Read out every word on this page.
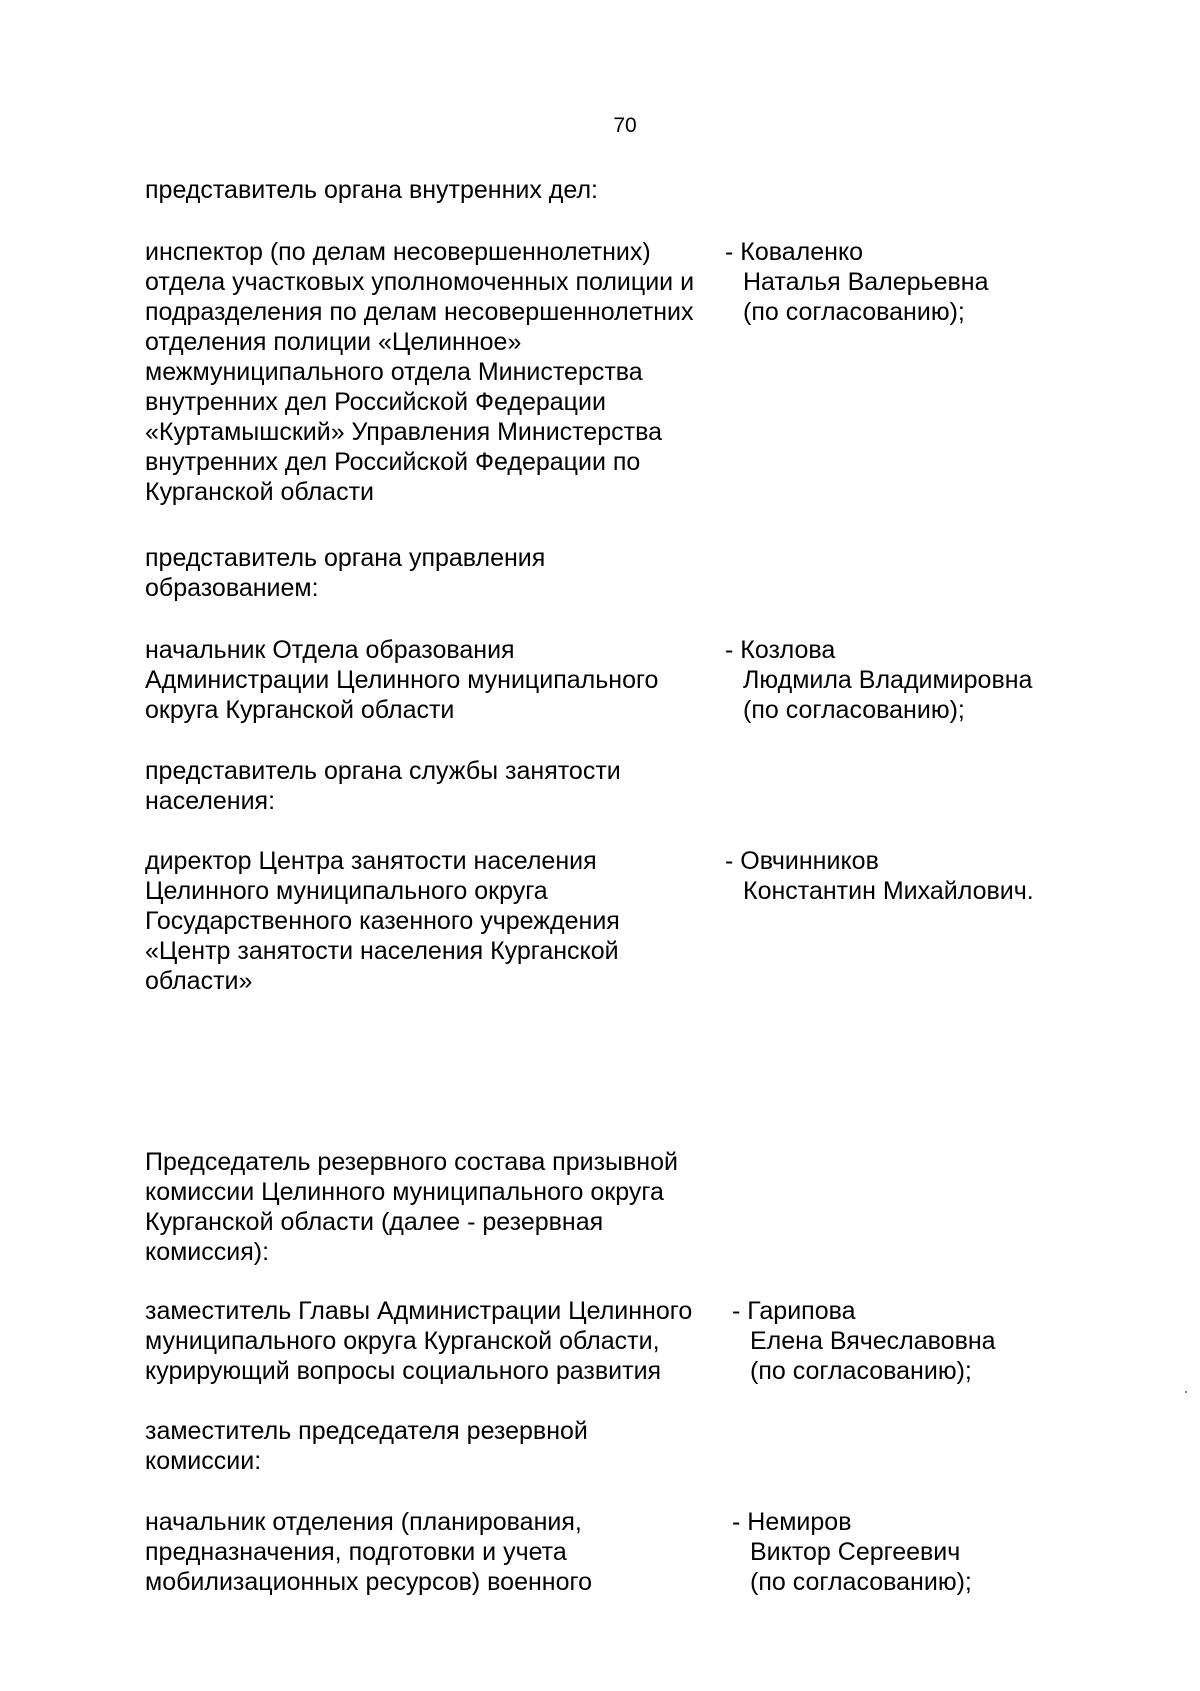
70
представитель органа внутренних дел:
инспектор (по делам несовершеннолетних)
отдела участковых уполномоченных полиции и
подразделения по делам несовершеннолетних
отделения полиции «Целинное»
межмуниципального отдела Министерства
внутренних дел Российской Федерации
«Куртамышский» Управления Министерства
внутренних дел Российской Федерации по
Курганской области
- Коваленко
Наталья Валерьевна
(по согласованию);
представитель органа управления
образованием:
начальник Отдела образования
Администрации Целинного муниципального
округа Курганской области
- Козлова
Людмила Владимировна
(по согласованию);
представитель органа службы занятости
населения:
директор Центра занятости населения
Целинного муниципального округа
Государственного казенного учреждения
«Центр занятости населения Курганской
области»
- Овчинников
Константин Михайлович.
Председатель резервного состава призывной
комиссии Целинного муниципального округа
Курганской области (далее - резервная
комиссия):
заместитель Главы Администрации Целинного
муниципального округа Курганской области,
курирующий вопросы социального развития
- Гарипова
Елена Вячеславовна
(по согласованию);
заместитель председателя резервной
комиссии:
начальник отделения (планирования,
предназначения, подготовки и учета
мобилизационных ресурсов) военного
- Немиров
Виктор Сергеевич
(по согласованию);
